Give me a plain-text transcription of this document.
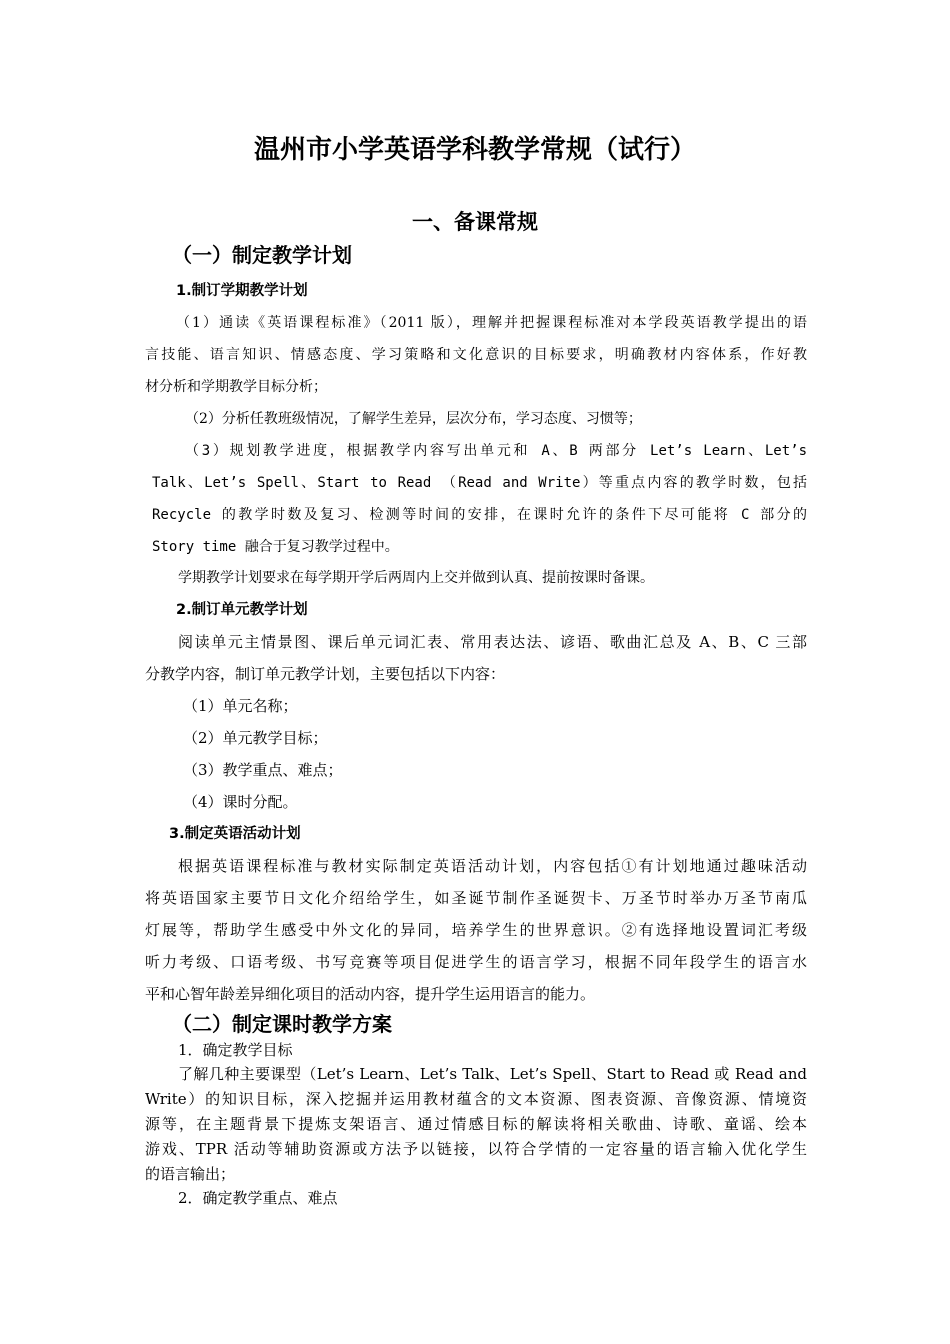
温州市小学英语学科教学常规（试行）
一、备课常规
（一）制定教学计划
1.制订学期教学计划
（1）通读《英语课程标准》（2011 版），理解并把握课程标准对本学段英语教学提出的语
言技能、语言知识、情感态度、学习策略和文化意识的目标要求，明确教材内容体系，作好教
材分析和学期教学目标分析；
（2）分析任教班级情况，了解学生差异，层次分布，学习态度、习惯等；
（3）规划教学进度，根据教学内容写出单元和 A、B 两部分 Let’s Learn、Let’s
Talk、Let’s Spell、Start to Read （Read and Write）等重点内容的教学时数，包括
Recycle 的教学时数及复习、检测等时间的安排，在课时允许的条件下尽可能将 C 部分的
Story time 融合于复习教学过程中。
学期教学计划要求在每学期开学后两周内上交并做到认真、提前按课时备课。
2.制订单元教学计划
阅读单元主情景图、课后单元词汇表、常用表达法、谚语、歌曲汇总及 A、B、C 三部
分教学内容，制订单元教学计划，主要包括以下内容：
（1）单元名称；
（2）单元教学目标；
（3）教学重点、难点；
（4）课时分配。
3.制定英语活动计划
根据英语课程标准与教材实际制定英语活动计划，内容包括①有计划地通过趣味活动
将英语国家主要节日文化介绍给学生，如圣诞节制作圣诞贺卡、万圣节时举办万圣节南瓜
灯展等，帮助学生感受中外文化的异同，培养学生的世界意识。②有选择地设置词汇考级
听力考级、口语考级、书写竞赛等项目促进学生的语言学习，根据不同年段学生的语言水
平和心智年龄差异细化项目的活动内容，提升学生运用语言的能力。
（二）制定课时教学方案
1．确定教学目标
了解几种主要课型（Let’s Learn、Let’s Talk、Let’s Spell、Start to Read 或 Read and
Write）的知识目标，深入挖掘并运用教材蕴含的文本资源、图表资源、音像资源、情境资
源等，在主题背景下提炼支架语言、通过情感目标的解读将相关歌曲、诗歌、童谣、绘本
游戏、TPR 活动等辅助资源或方法予以链接，以符合学情的一定容量的语言输入优化学生
的语言输出；
2．确定教学重点、难点
